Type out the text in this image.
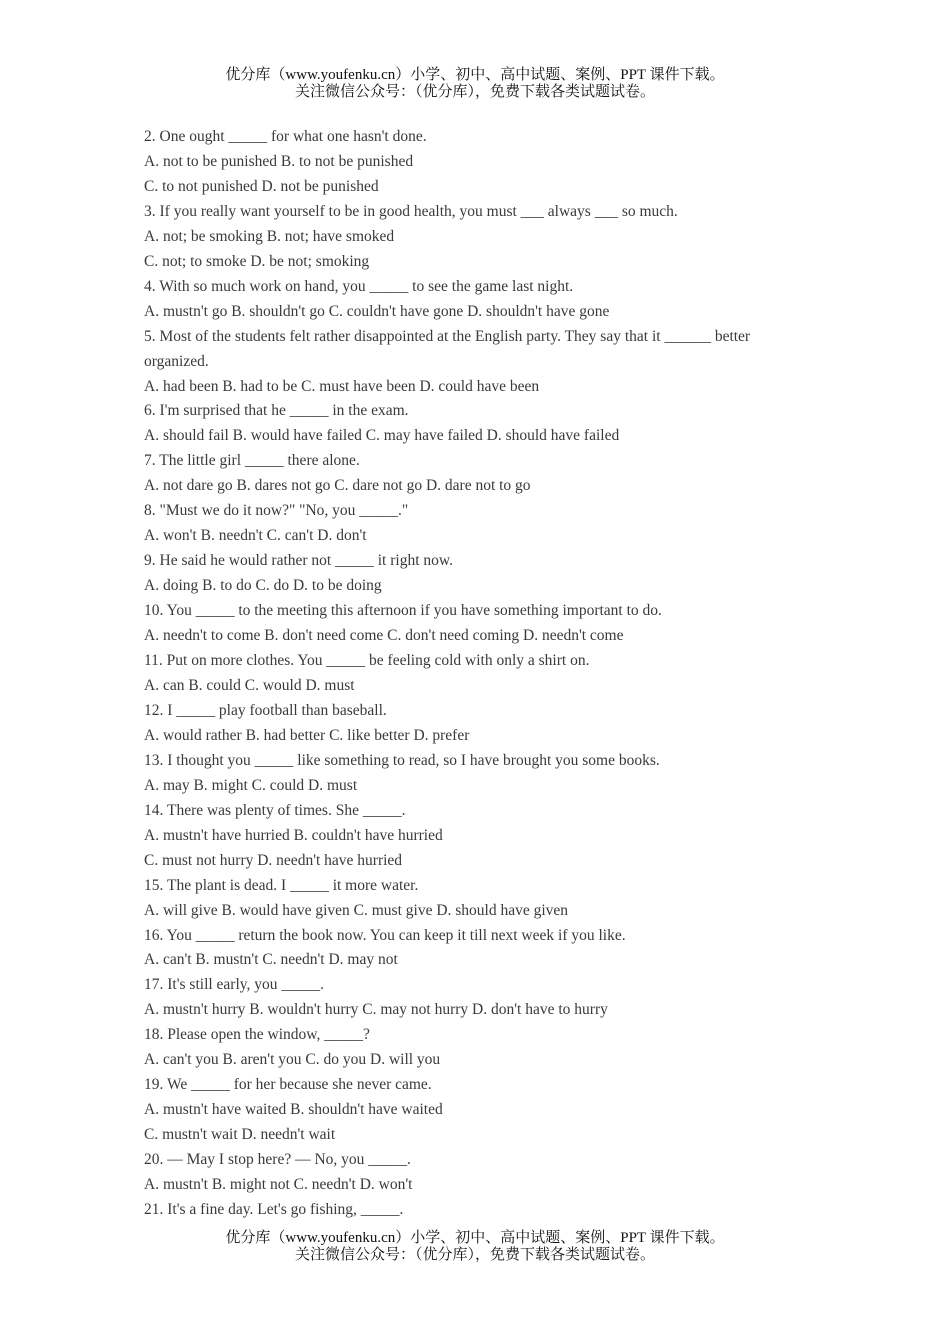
优分库（www.youfenku.cn）小学、初中、高中试题、案例、PPT 课件下载。
关注微信公众号：（优分库），免费下载各类试题试卷。

2. One ought _____ for what one hasn't done.

A. not to be punished B. to not be punished

C. to not punished D. not be punished

3. If you really want yourself to be in good health, you must ___ always ___ so much.

A. not; be smoking B. not; have smoked

C. not; to smoke D. be not; smoking

4. With so much work on hand, you _____ to see the game last night.

A. mustn't go B. shouldn't go C. couldn't have gone D. shouldn't have gone

5. Most of the students felt rather disappointed at the English party. They say that it ______ better organized.

A. had been B. had to be C. must have been D. could have been

6. I'm surprised that he _____ in the exam.

A. should fail B. would have failed C. may have failed D. should have failed

7. The little girl _____ there alone.

A. not dare go B. dares not go C. dare not go D. dare not to go

8. "Must we do it now?" "No, you _____."

A. won't B. needn't C. can't D. don't

9. He said he would rather not _____ it right now.

A. doing B. to do C. do D. to be doing

10. You _____ to the meeting this afternoon if you have something important to do.

A. needn't to come B. don't need come C. don't need coming D. needn't come

11. Put on more clothes. You _____ be feeling cold with only a shirt on.

A. can B. could C. would D. must

12. I _____ play football than baseball.

A. would rather B. had better C. like better D. prefer

13. I thought you _____ like something to read, so I have brought you some books.

A. may B. might C. could D. must

14. There was plenty of times. She _____.

A. mustn't have hurried B. couldn't have hurried

C. must not hurry D. needn't have hurried

15. The plant is dead. I _____ it more water.

A. will give B. would have given C. must give D. should have given

16. You _____ return the book now. You can keep it till next week if you like.

A. can't B. mustn't C. needn't D. may not

17. It's still early, you _____.

A. mustn't hurry B. wouldn't hurry C. may not hurry D. don't have to hurry

18. Please open the window, _____?

A. can't you B. aren't you C. do you D. will you

19. We _____ for her because she never came.

A. mustn't have waited B. shouldn't have waited

C. mustn't wait D. needn't wait

20. — May I stop here? — No, you _____.

A. mustn't B. might not C. needn't D. won't

21. It's a fine day. Let's go fishing, _____.

优分库（www.youfenku.cn）小学、初中、高中试题、案例、PPT 课件下载。
关注微信公众号：（优分库），免费下载各类试题试卷。
